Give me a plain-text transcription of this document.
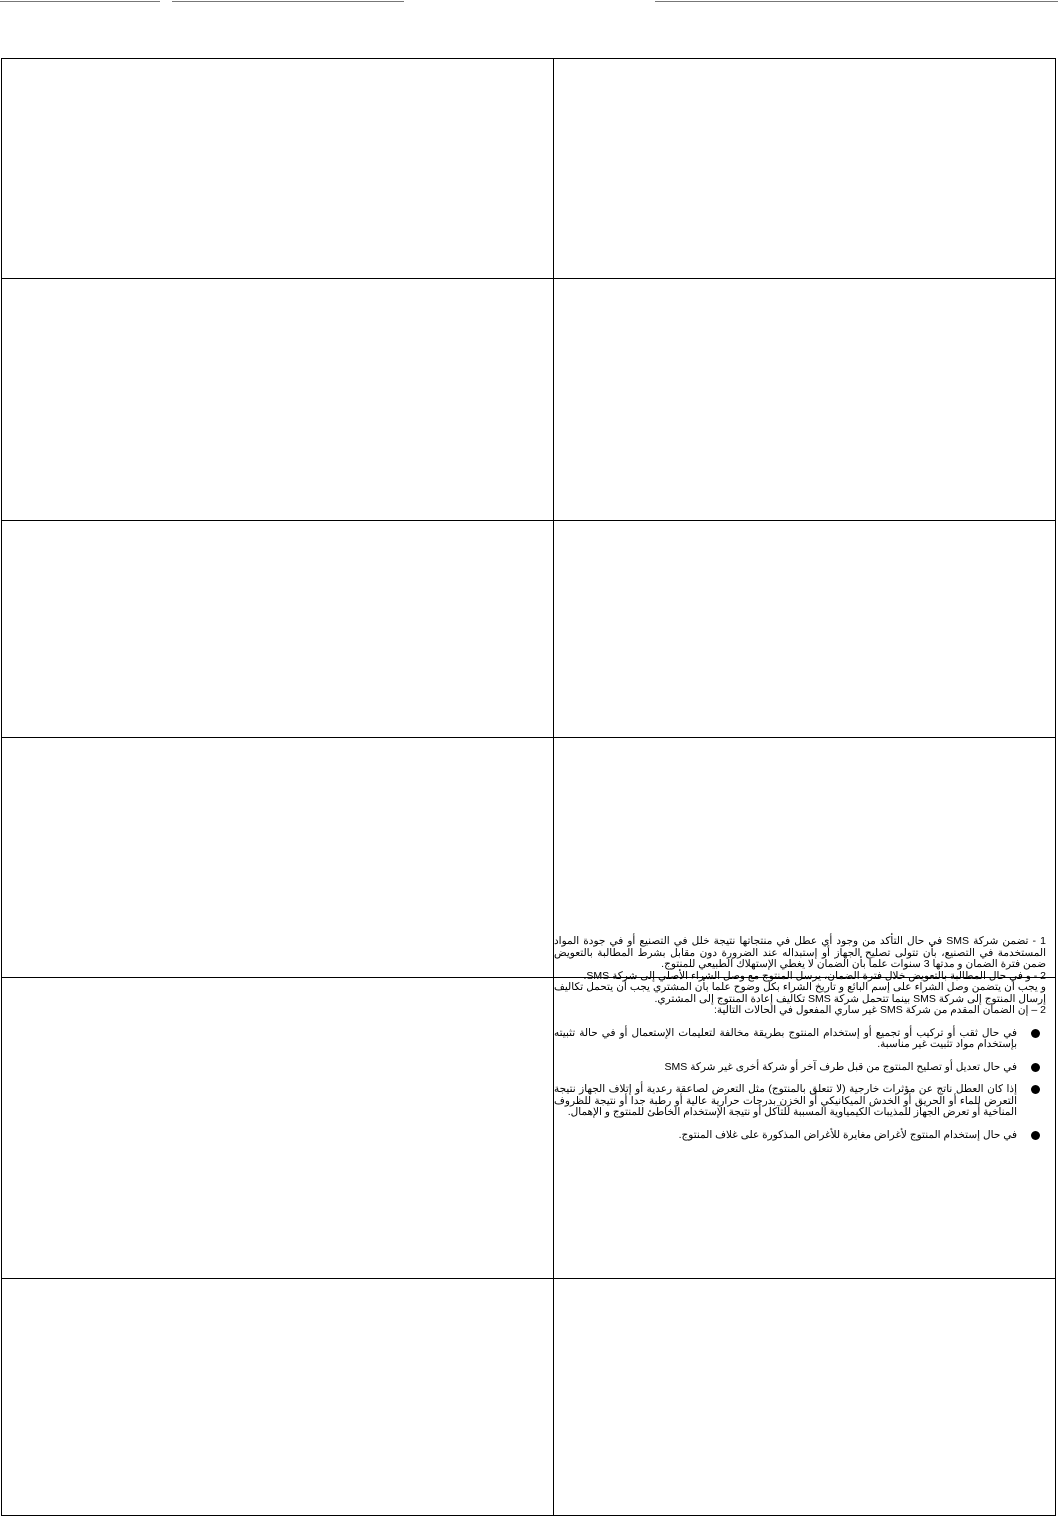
1 - تضمن شركة SMS في حال التأكد من وجود أي عطل في منتجاتها نتيجة خلل في التصنيع أو في جودة المواد المستخدمة في التصنيع، بأن تتولى تصليح الجهاز أو إستبداله عند الضرورة دون مقابل بشرط المطالبة بالتعويض ضمن فترة الضمان و مدتها 3 سنوات علما بأن الضمان لا يغطي الإستهلاك الطبيعي للمنتوج.

2 - و في حال المطالبة بالتعويض خلال فترة الضمان، يرسل المنتوج مع وصل الشراء الأصلي إلى شركة SMS.

و يجب أن يتضمن وصل الشراء على إسم البائع و تاريخ الشراء بكل وضوح علما بأن المشتري يجب أن يتحمل تكاليف إرسال المنتوج إلى شركة SMS بينما تتحمل شركة SMS تكاليف إعادة المنتوج إلى المشتري.

2 – إن الضمان المقدم من شركة SMS غير ساري المفعول في الحالات التالية:

في حال ثقب أو تركيب أو تجميع أو إستخدام المنتوج بطريقة مخالفة لتعليمات الإستعمال أو في حالة تثبيته بإستخدام مواد تثبيت غير مناسبة.
في حال تعديل أو تصليح المنتوج من قبل طرف آخر أو شركة أخرى غير شركة SMS
إذا كان العطل ناتج عن مؤثرات خارجية (لا تتعلق بالمنتوج) مثل التعرض لصاعقة رعدية أو إتلاف الجهاز نتيجة التعرض للماء أو الحريق أو الخدش الميكانيكي أو الخزن بدرجات حرارية عالية أو رطبة جدا أو نتيجة للظروف المناخية أو تعرض الجهاز للمذيبات الكيمياوية المسببة للتآكل أو نتيجة الإستخدام الخاطئ للمنتوج و الإهمال.
في حال إستخدام المنتوج لأغراض مغايرة للأغراض المذكورة على غلاف المنتوج.
